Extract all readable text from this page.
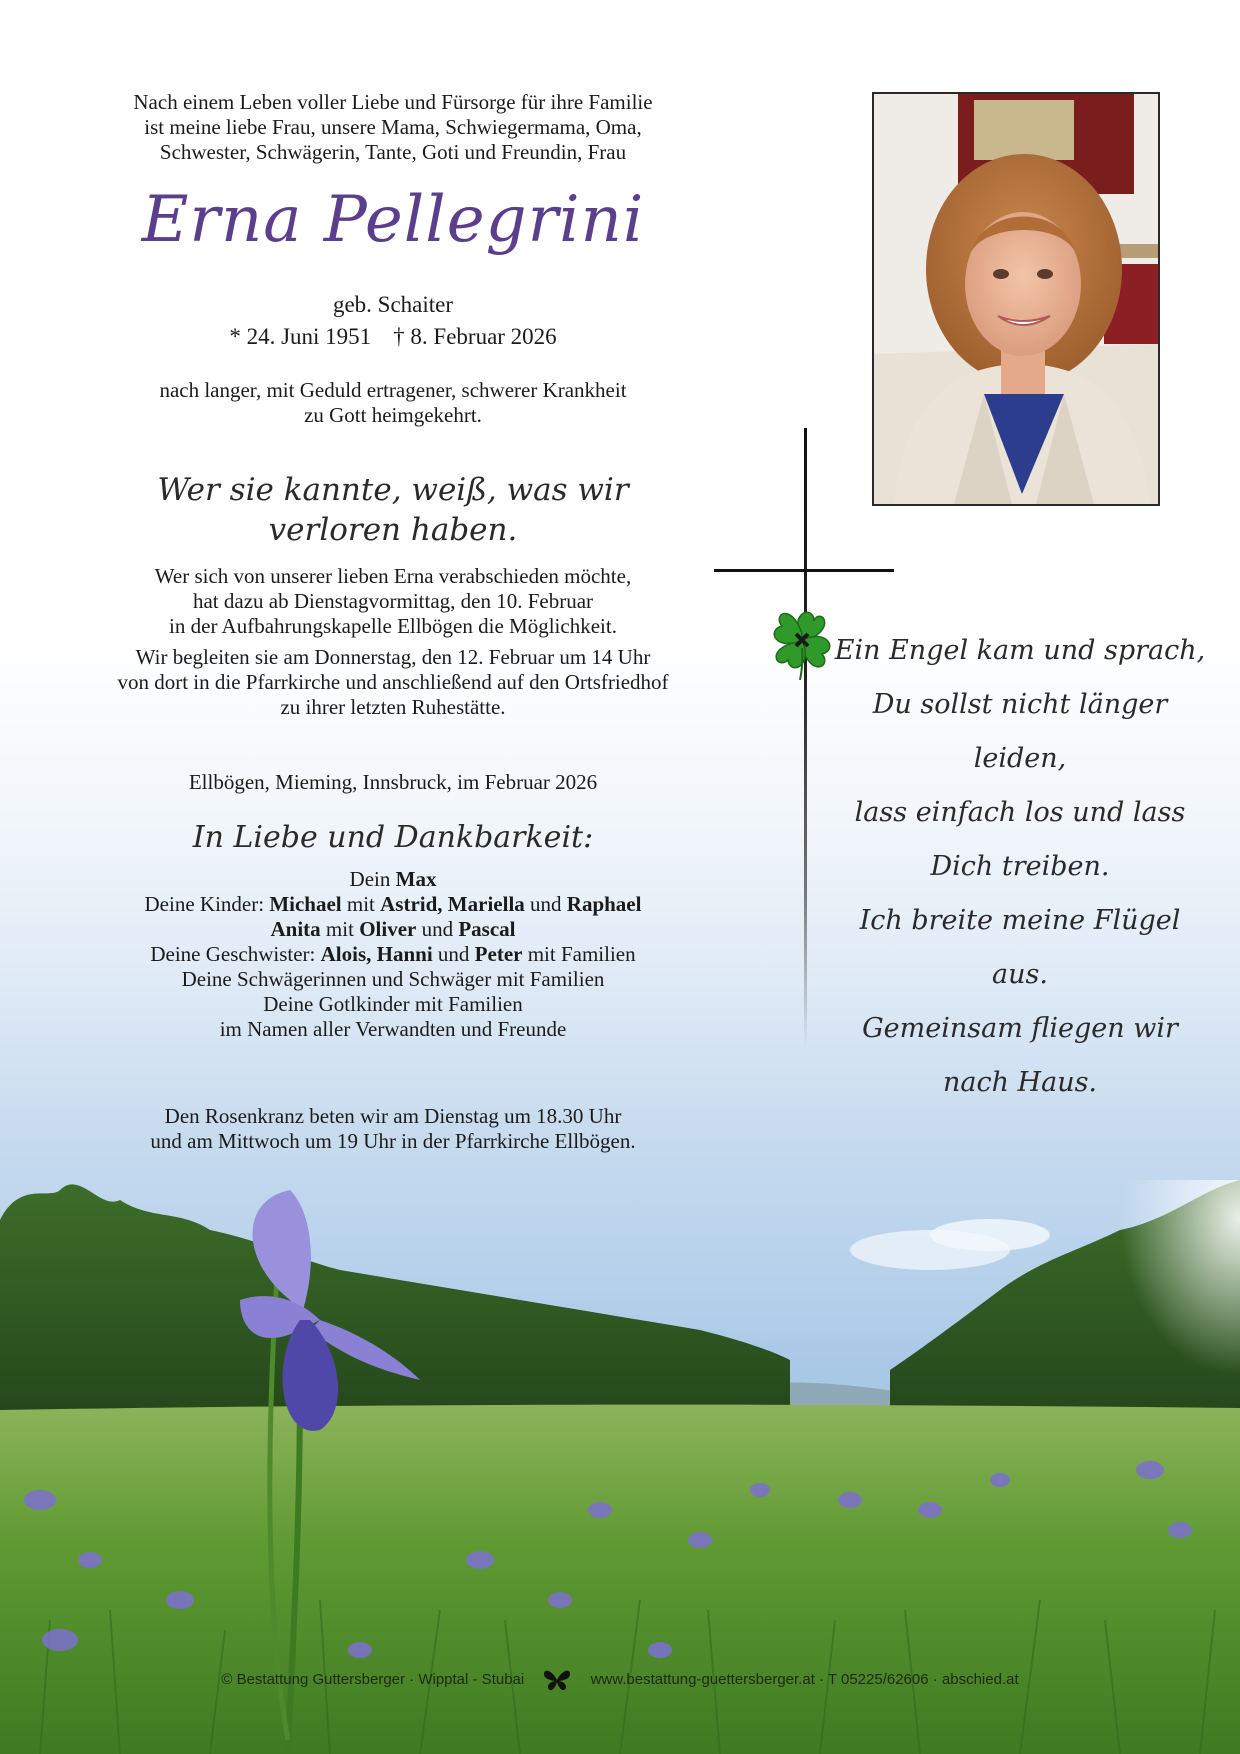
Nach einem Leben voller Liebe und Fürsorge für ihre Familie
ist meine liebe Frau, unsere Mama, Schwiegermama, Oma,
Schwester, Schwägerin, Tante, Goti und Freundin, Frau
Erna Pellegrini
geb. Schaiter
* 24. Juni 1951 † 8. Februar 2026
nach langer, mit Geduld ertragener, schwerer Krankheit
zu Gott heimgekehrt.
Wer sie kannte, weiß, was wir verloren haben.
Wer sich von unserer lieben Erna verabschieden möchte,
hat dazu ab Dienstagvormittag, den 10. Februar
in der Aufbahrungskapelle Ellbögen die Möglichkeit.
Wir begleiten sie am Donnerstag, den 12. Februar um 14 Uhr
von dort in die Pfarrkirche und anschließend auf den Ortsfriedhof
zu ihrer letzten Ruhestätte.
Ellbögen, Mieming, Innsbruck, im Februar 2026
In Liebe und Dankbarkeit:
Dein Max
Deine Kinder: Michael mit Astrid, Mariella und Raphael
Anita mit Oliver und Pascal
Deine Geschwister: Alois, Hanni und Peter mit Familien
Deine Schwägerinnen und Schwäger mit Familien
Deine Gotlkinder mit Familien
im Namen aller Verwandten und Freunde
Den Rosenkranz beten wir am Dienstag um 18.30 Uhr
und am Mittwoch um 19 Uhr in der Pfarrkirche Ellbögen.
Ein Engel kam und sprach,
Du sollst nicht länger leiden,
lass einfach los und lass Dich treiben.
Ich breite meine Flügel aus.
Gemeinsam fliegen wir nach Haus.
© Bestattung Guttersberger · Wipptal - Stubai	www.bestattung-guettersberger.at · T 05225/62606 · abschied.at
